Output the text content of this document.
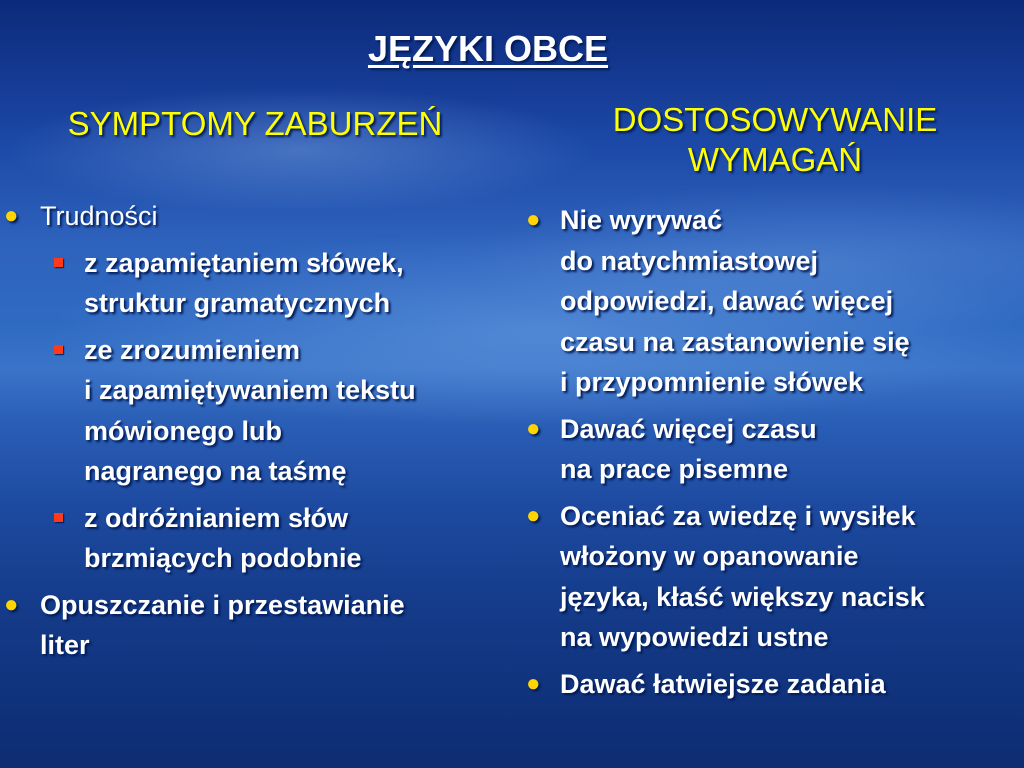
JĘZYKI OBCE
SYMPTOMY ZABURZEŃ	DOSTOSOWYWANIE
WYMAGAŃ
● Trudności
z zapamiętaniem słówek,
struktur gramatycznych
ze zrozumieniem
i zapamiętywaniem tekstu
mówionego lub
nagranego na taśmę
z odróżnianiem słów
brzmiących podobnie
● Opuszczanie i przestawianie
liter
● Nie wyrywać
do natychmiastowej
odpowiedzi, dawać więcej
czasu na zastanowienie się
i przypomnienie słówek
● Dawać więcej czasu
na prace pisemne
● Oceniać za wiedzę i wysiłek
włożony w opanowanie
języka, kłaść większy nacisk
na wypowiedzi ustne
● Dawać łatwiejsze zadania
